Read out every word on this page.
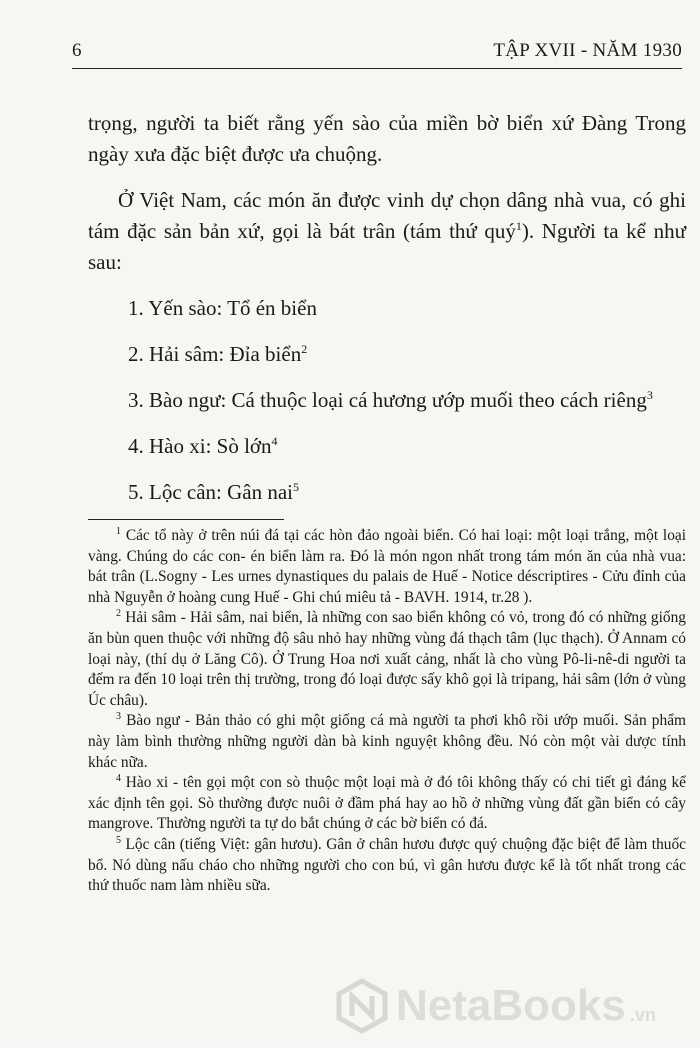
6	TẬP XVII - NĂM 1930

trọng, người ta biết rằng yến sào của miền bờ biển xứ Đàng Trong ngày xưa đặc biệt được ưa chuộng.

Ở Việt Nam, các món ăn được vinh dự chọn dâng nhà vua, có ghi tám đặc sản bản xứ, gọi là bát trân (tám thứ quý$^1$). Người ta kể như sau:

1. Yến sào: Tổ én biển

2. Hải sâm: Đỉa biển$^2$

3. Bào ngư: Cá thuộc loại cá hương ướp muối theo cách riêng$^3$

4. Hào xi: Sò lớn$^4$

5. Lộc cân: Gân nai$^5$

$^1$ Các tổ này ở trên núi đá tại các hòn đảo ngoài biển. Có hai loại: một loại trắng, một loại vàng. Chúng do các con- én biển làm ra. Đó là món ngon nhất trong tám món ăn của nhà vua: bát trân (L.Sogny - Les urnes dynastiques du palais de Huế - Notice déscriptires - Cửu đỉnh của nhà Nguyễn ở hoàng cung Huế - Ghi chú miêu tả - BAVH. 1914, tr.28 ).

$^2$ Hải sâm - Hải sâm, nai biển, là những con sao biển không có vỏ, trong đó có những giống ăn bùn quen thuộc với những độ sâu nhỏ hay những vùng đá thạch tâm (lục thạch). Ở Annam có loại này, (thí dụ ở Lăng Cô). Ở Trung Hoa nơi xuất cảng, nhất là cho vùng Pô-li-nê-di người ta đếm ra đến 10 loại trên thị trường, trong đó loại được sấy khô gọi là tripang, hải sâm (lớn ở vùng Úc châu).

$^3$ Bào ngư - Bản thảo có ghi một giống cá mà người ta phơi khô rồi ướp muối. Sản phẩm này làm bình thường những người dàn bà kinh nguyệt không đều. Nó còn một vài dược tính khác nữa.

$^4$ Hào xi - tên gọi một con sò thuộc một loại mà ở đó tôi không thấy có chi tiết gì đáng kể xác định tên gọi. Sò thường được nuôi ở đầm phá hay ao hồ ở những vùng đất gần biển có cây mangrove. Thường người ta tự do bắt chúng ở các bờ biển có đá.

$^5$ Lộc cân (tiếng Việt: gân hươu). Gân ở chân hươu được quý chuộng đặc biệt để làm thuốc bổ. Nó dùng nấu cháo cho những người cho con bú, vì gân hươu được kể là tốt nhất trong các thứ thuốc nam làm nhiều sữa.

NetaBooks .vn
